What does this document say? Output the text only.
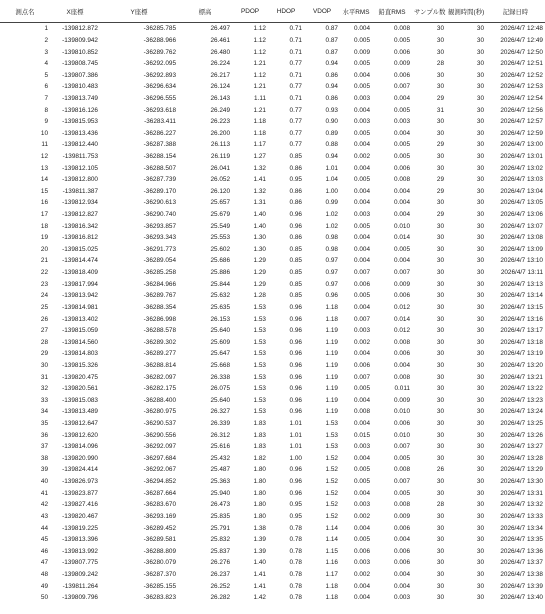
測点名	X座標	Y座標	標高	PDOP	HDOP	VDOP	水平RMS	鉛直RMS	サンプル数	観測時間(秒)	記録日時
1	-139812.872	-36285.785	26.497	1.12	0.71	0.87	0.004	0.008	30	30	2026/4/7 12:48
2	-139809.942	-36288.966	26.461	1.12	0.71	0.87	0.005	0.005	30	30	2026/4/7 12:49
3	-139810.852	-36289.762	26.480	1.12	0.71	0.87	0.009	0.006	30	30	2026/4/7 12:50
4	-139808.745	-36292.095	26.224	1.21	0.77	0.94	0.005	0.009	28	30	2026/4/7 12:51
5	-139807.386	-36292.893	26.217	1.12	0.71	0.86	0.004	0.006	30	30	2026/4/7 12:52
6	-139810.483	-36296.634	26.124	1.21	0.77	0.94	0.005	0.007	30	30	2026/4/7 12:53
7	-139813.749	-36296.555	26.143	1.11	0.71	0.86	0.003	0.004	29	30	2026/4/7 12:54
8	-139816.126	-36293.618	26.249	1.21	0.77	0.93	0.004	0.005	31	30	2026/4/7 12:56
9	-139815.953	-36283.411	26.223	1.18	0.77	0.90	0.003	0.003	30	30	2026/4/7 12:57
10	-139813.436	-36286.227	26.200	1.18	0.77	0.89	0.005	0.004	30	30	2026/4/7 12:59
11	-139812.440	-36287.388	26.113	1.17	0.77	0.88	0.004	0.005	29	30	2026/4/7 13:00
12	-139811.753	-36288.154	26.119	1.27	0.85	0.94	0.002	0.005	30	30	2026/4/7 13:01
13	-139812.105	-36288.507	26.041	1.32	0.86	1.01	0.004	0.006	30	30	2026/4/7 13:02
14	-139812.800	-36287.739	26.052	1.41	0.95	1.04	0.005	0.008	29	30	2026/4/7 13:03
15	-139811.387	-36289.170	26.120	1.32	0.86	1.00	0.004	0.004	29	30	2026/4/7 13:04
16	-139812.934	-36290.613	25.657	1.31	0.86	0.99	0.004	0.004	30	30	2026/4/7 13:05
17	-139812.827	-36290.740	25.679	1.40	0.96	1.02	0.003	0.004	29	30	2026/4/7 13:06
18	-139816.342	-36293.857	25.549	1.40	0.96	1.02	0.005	0.010	30	30	2026/4/7 13:07
19	-139816.812	-36293.343	25.553	1.30	0.86	0.98	0.004	0.014	30	30	2026/4/7 13:08
20	-139815.025	-36291.773	25.602	1.30	0.85	0.98	0.004	0.005	30	30	2026/4/7 13:09
21	-139814.474	-36289.054	25.686	1.29	0.85	0.97	0.004	0.004	30	30	2026/4/7 13:10
22	-139818.409	-36285.258	25.886	1.29	0.85	0.97	0.007	0.007	30	30	2026/4/7 13:11
23	-139817.994	-36284.966	25.844	1.29	0.85	0.97	0.006	0.009	30	30	2026/4/7 13:13
24	-139813.942	-36289.767	25.632	1.28	0.85	0.96	0.005	0.006	30	30	2026/4/7 13:14
25	-139814.981	-36288.354	25.635	1.53	0.96	1.18	0.004	0.012	30	30	2026/4/7 13:15
26	-139813.402	-36286.998	26.153	1.53	0.96	1.18	0.007	0.014	30	30	2026/4/7 13:16
27	-139815.059	-36288.578	25.640	1.53	0.96	1.19	0.003	0.012	30	30	2026/4/7 13:17
28	-139814.560	-36289.302	25.609	1.53	0.96	1.19	0.002	0.008	30	30	2026/4/7 13:18
29	-139814.803	-36289.277	25.647	1.53	0.96	1.19	0.004	0.006	30	30	2026/4/7 13:19
30	-139815.326	-36288.814	25.668	1.53	0.96	1.19	0.006	0.004	30	30	2026/4/7 13:20
31	-139820.475	-36282.097	26.338	1.53	0.96	1.19	0.007	0.008	30	30	2026/4/7 13:21
32	-139820.561	-36282.175	26.075	1.53	0.96	1.19	0.005	0.011	30	30	2026/4/7 13:22
33	-139815.083	-36288.400	25.640	1.53	0.96	1.19	0.004	0.009	30	30	2026/4/7 13:23
34	-139813.489	-36280.975	26.327	1.53	0.96	1.19	0.008	0.010	30	30	2026/4/7 13:24
35	-139812.647	-36290.537	26.339	1.83	1.01	1.53	0.004	0.006	30	30	2026/4/7 13:25
36	-139812.620	-36290.556	26.312	1.83	1.01	1.53	0.015	0.010	30	30	2026/4/7 13:26
37	-139814.096	-36292.097	25.616	1.83	1.01	1.53	0.003	0.007	30	30	2026/4/7 13:27
38	-139820.990	-36297.684	25.432	1.82	1.00	1.52	0.004	0.005	30	30	2026/4/7 13:28
39	-139824.414	-36292.067	25.487	1.80	0.96	1.52	0.005	0.008	26	30	2026/4/7 13:29
40	-139826.973	-36294.852	25.363	1.80	0.96	1.52	0.005	0.007	30	30	2026/4/7 13:30
41	-139823.877	-36287.664	25.940	1.80	0.96	1.52	0.004	0.005	30	30	2026/4/7 13:31
42	-139827.416	-36283.670	26.473	1.80	0.95	1.52	0.003	0.008	28	30	2026/4/7 13:32
43	-139820.467	-36293.169	25.835	1.80	0.95	1.52	0.002	0.009	30	30	2026/4/7 13:33
44	-139819.225	-36289.452	25.791	1.38	0.78	1.14	0.004	0.006	30	30	2026/4/7 13:34
45	-139813.396	-36289.581	25.832	1.39	0.78	1.14	0.005	0.004	30	30	2026/4/7 13:35
46	-139813.992	-36288.809	25.837	1.39	0.78	1.15	0.006	0.006	30	30	2026/4/7 13:36
47	-139807.775	-36280.079	26.276	1.40	0.78	1.16	0.003	0.006	30	30	2026/4/7 13:37
48	-139809.242	-36287.370	26.237	1.41	0.78	1.17	0.002	0.004	30	30	2026/4/7 13:38
49	-139811.264	-36285.155	26.252	1.41	0.78	1.18	0.004	0.004	30	30	2026/4/7 13:39
50	-139809.796	-36283.823	26.282	1.42	0.78	1.18	0.004	0.003	30	30	2026/4/7 13:40
